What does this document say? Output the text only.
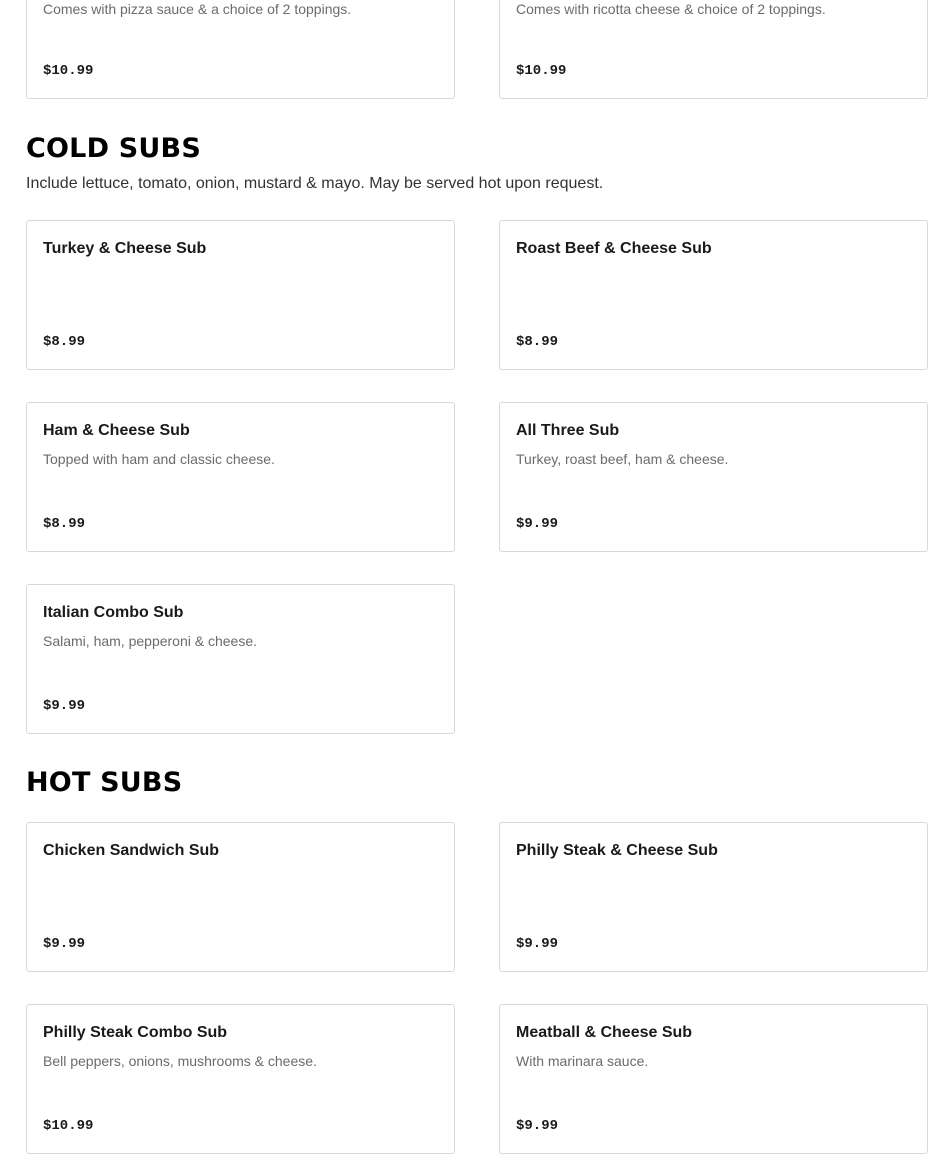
Comes with pizza sauce & a choice of 2 toppings.
$10.99
Comes with ricotta cheese & choice of 2 toppings.
$10.99
COLD SUBS

Include lettuce, tomato, onion, mustard & mayo. May be served hot upon request.

Turkey & Cheese Sub
$8.99
Roast Beef & Cheese Sub
$8.99
Ham & Cheese Sub
Topped with ham and classic cheese.
$8.99
All Three Sub
Turkey, roast beef, ham & cheese.
$9.99
Italian Combo Sub
Salami, ham, pepperoni & cheese.
$9.99
HOT SUBS
Chicken Sandwich Sub
$9.99
Philly Steak & Cheese Sub
$9.99
Philly Steak Combo Sub
Bell peppers, onions, mushrooms & cheese.
$10.99
Meatball & Cheese Sub
With marinara sauce.
$9.99
